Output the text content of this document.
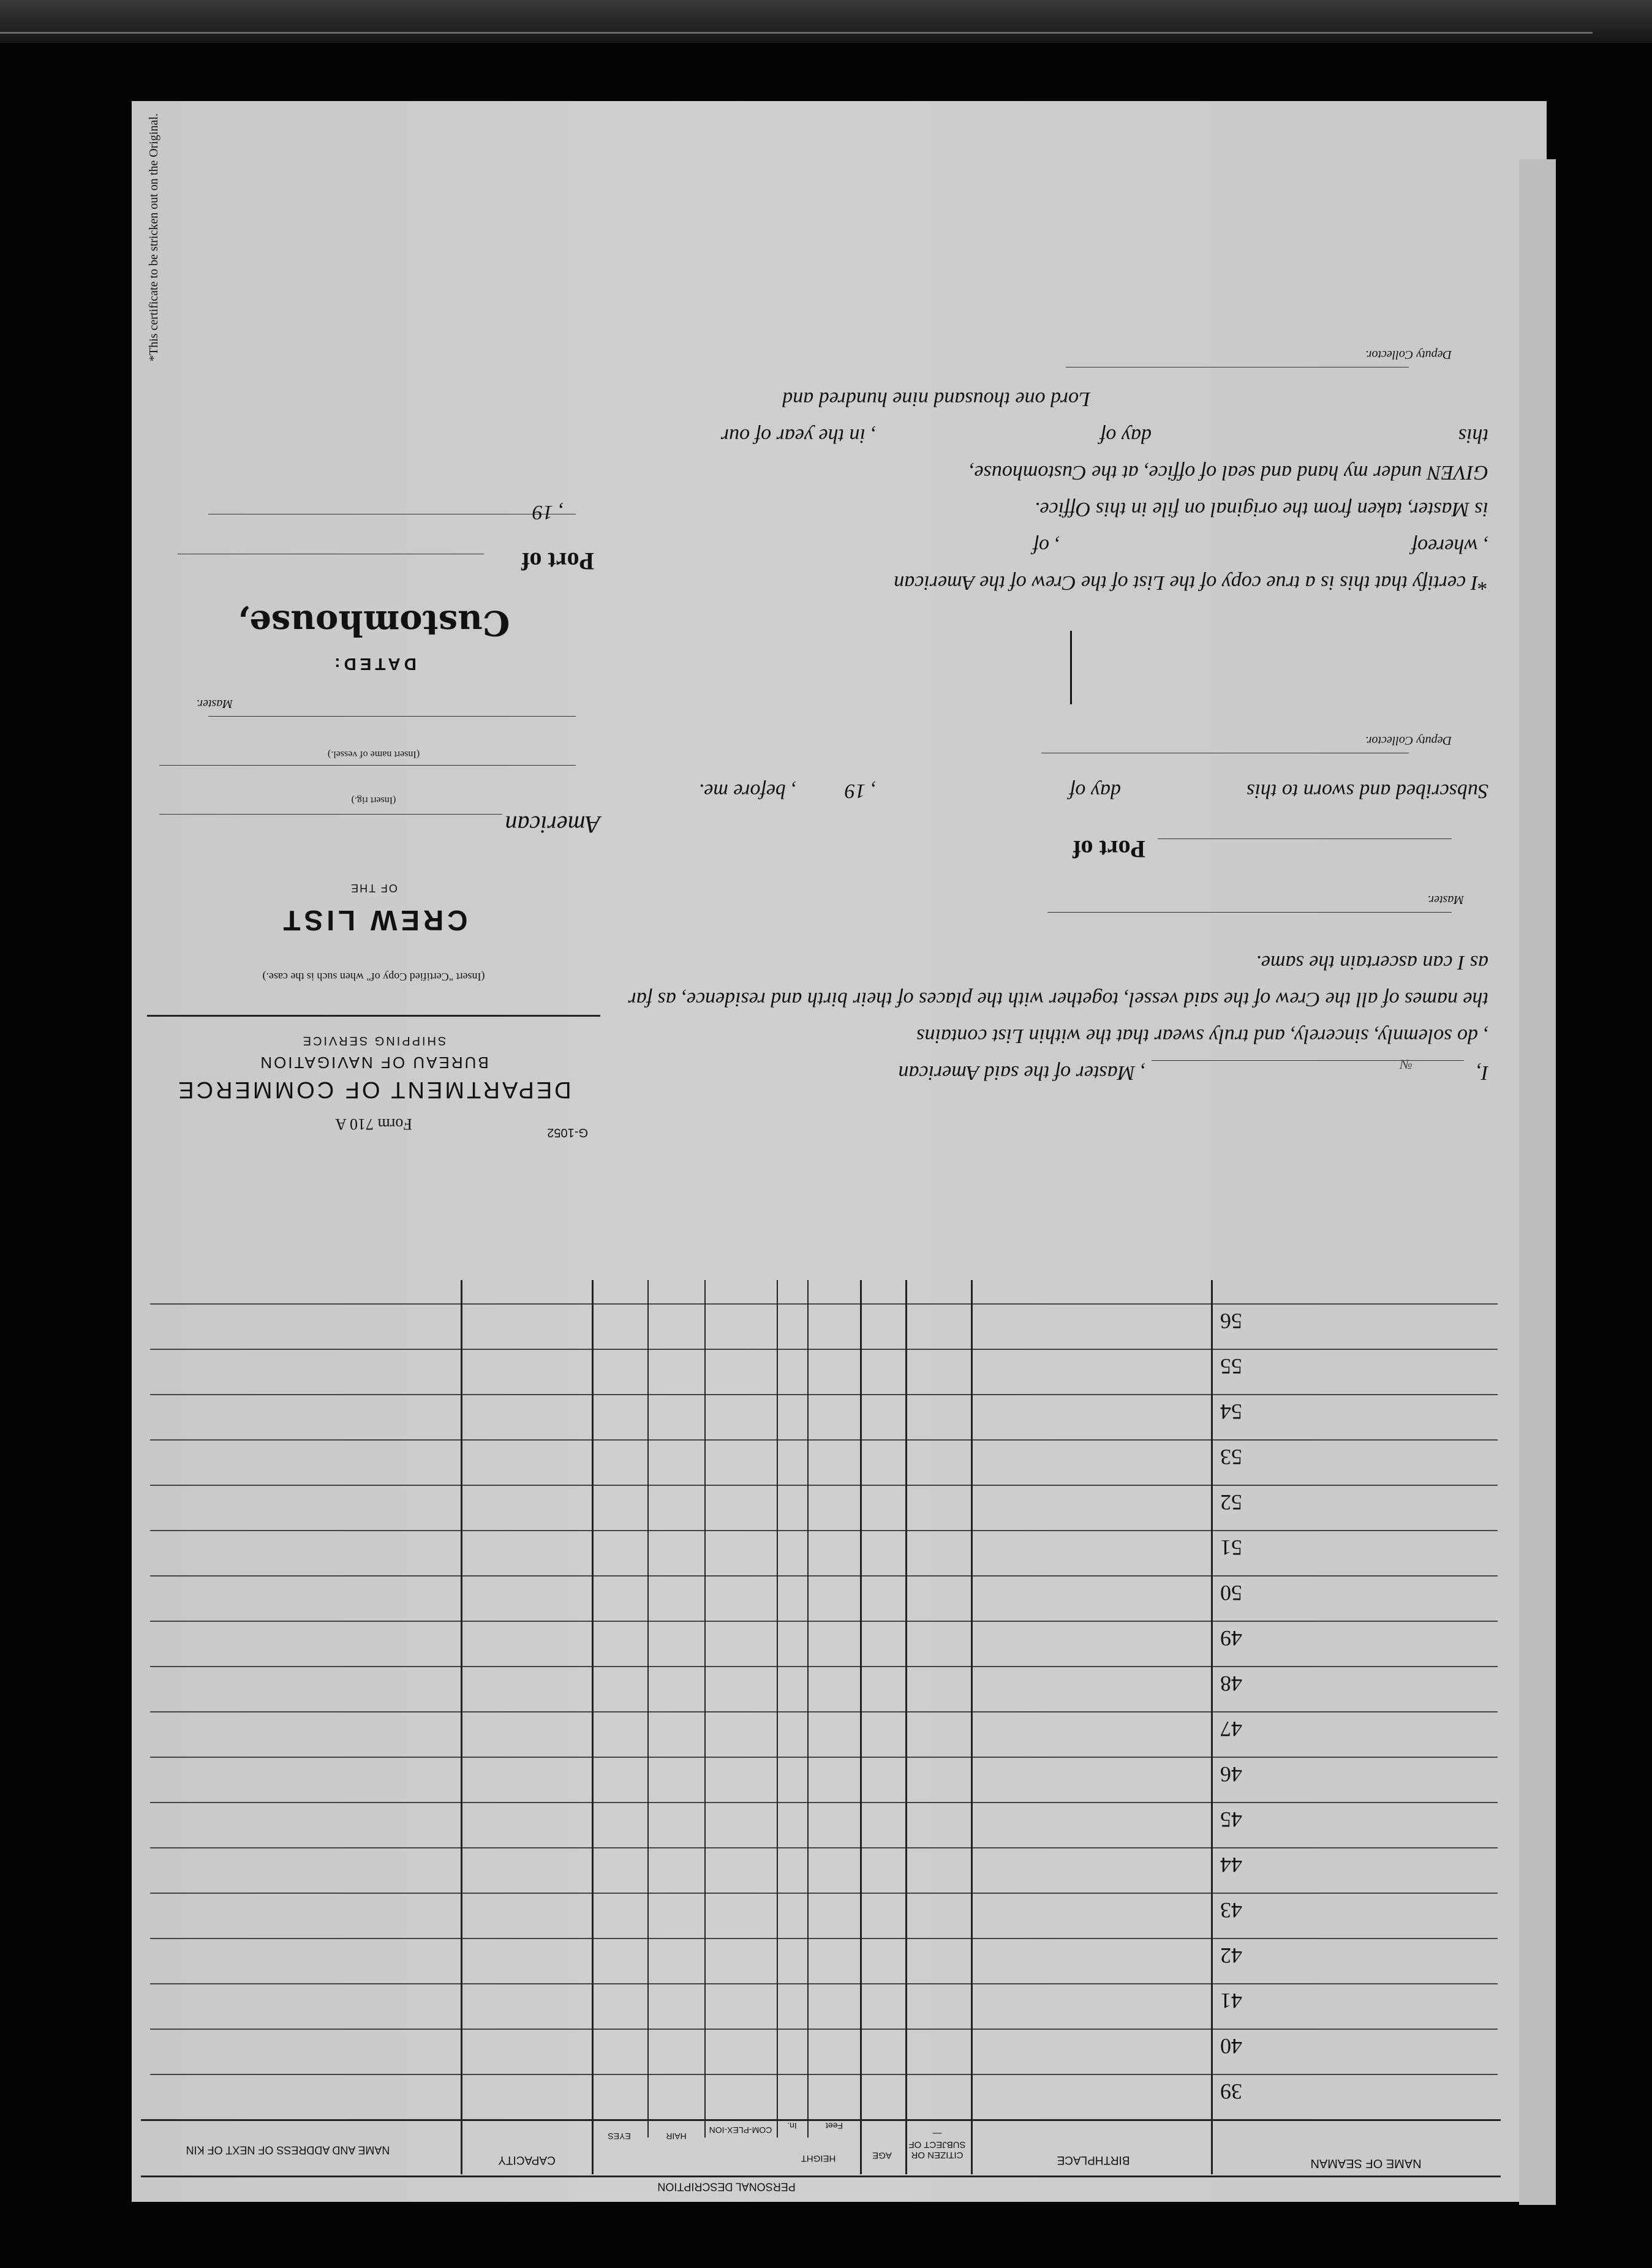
G-1052
Form 710 A
DEPARTMENT OF COMMERCE
BUREAU OF NAVIGATION
SHIPPING SERVICE
(Insert "Certified Copy of" when such is the case.)
CREW LIST
OF THE
American
(Insert rig.)
(Insert name of vessel.)
Master.
DATED:
Customhouse,
Port of
, 19
*This certificate to be stricken out on the Original.
I,
, Master of the said American
, do solemnly, sincerely, and truly swear that the within List contains
the names of all the Crew of the said vessel, together with the places of their birth and residence, as far
as I can ascertain the same.
Master.
Port of
Subscribed and sworn to this
day of
, 19
, before me.
Deputy Collector.
*I certify that this is a true copy of the List of the Crew of the American
, whereof
, of
is Master, taken from the original on file in this Office.
GIVEN under my hand and seal of office, at the Customhouse,
this
day of
, in the year of our
Lord one thousand nine hundred and
Deputy Collector.
56
55
54
53
52
51
50
49
48
47
46
45
44
43
42
41
40
39
NAME OF SEAMAN
BIRTHPLACE
CITIZEN OR SUBJECT OF—
AGE
PERSONAL DESCRIPTION
HEIGHT
Feet
In.
COM-PLEX-ION
HAIR
EYES
CAPACITY
NAME AND ADDRESS OF NEXT OF KIN
№
